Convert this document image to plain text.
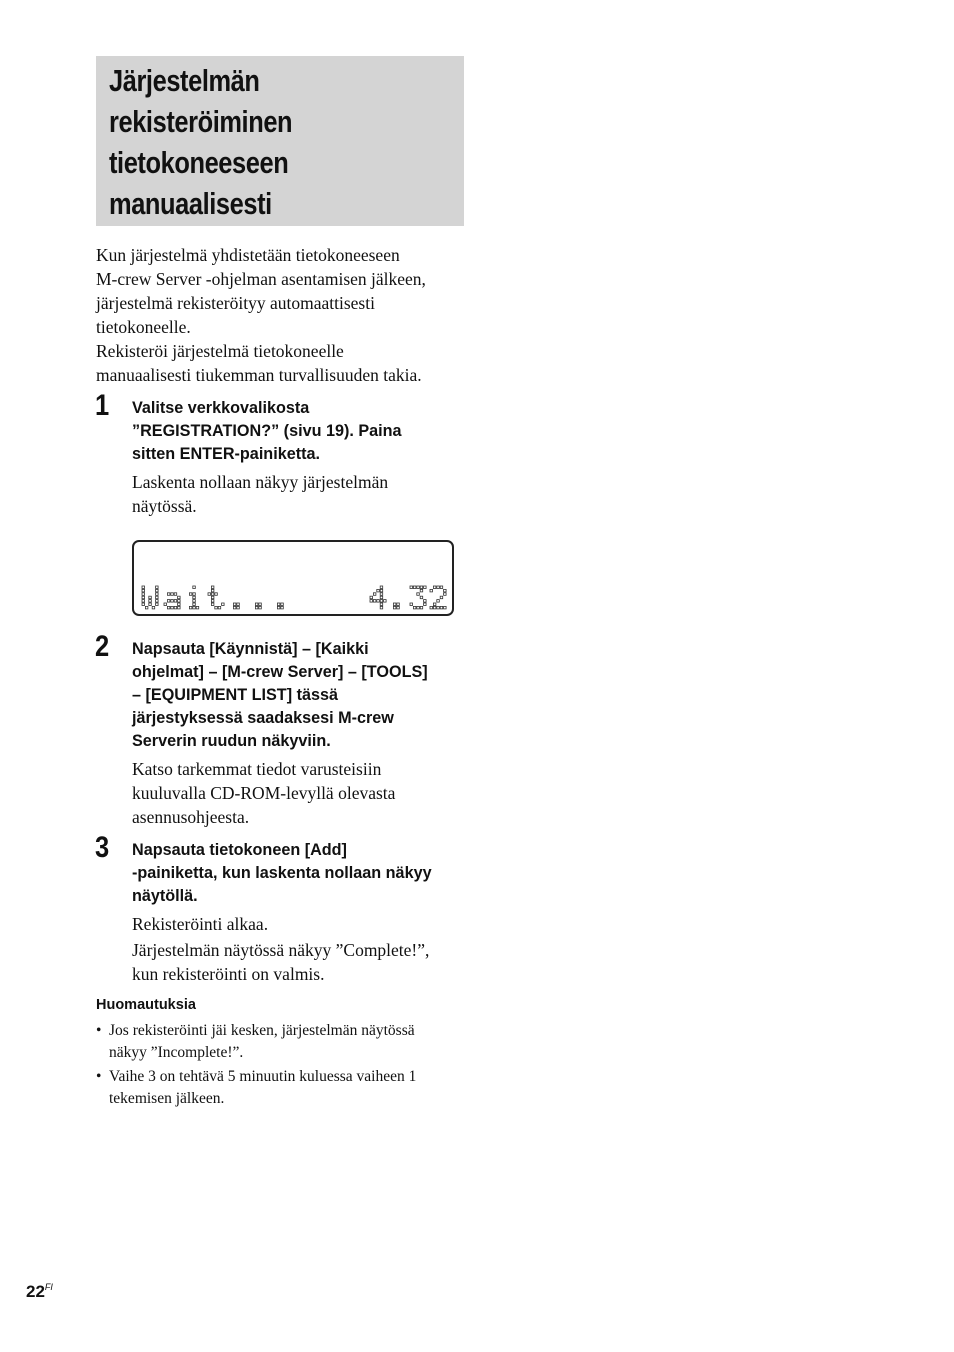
Järjestelmän
rekisteröiminen
tietokoneeseen
manuaalisesti
Kun järjestelmä yhdistetään tietokoneeseen
M-crew Server -ohjelman asentamisen jälkeen,
järjestelmä rekisteröityy automaattisesti
tietokoneelle.
Rekisteröi järjestelmä tietokoneelle
manuaalisesti tiukemman turvallisuuden takia.
1 Valitse verkkovalikosta
”REGISTRATION?” (sivu 19). Paina
sitten ENTER-painiketta.
Laskenta nollaan näkyy järjestelmän
näytössä.
2 Napsauta [Käynnistä] – [Kaikki
ohjelmat] – [M-crew Server] – [TOOLS]
– [EQUIPMENT LIST] tässä
järjestyksessä saadaksesi M-crew
Serverin ruudun näkyviin.
Katso tarkemmat tiedot varusteisiin
kuuluvalla CD-ROM-levyllä olevasta
asennusohjeesta.
3 Napsauta tietokoneen [Add]
-painiketta, kun laskenta nollaan näkyy
näytöllä.
Rekisteröinti alkaa.
Järjestelmän näytössä näkyy ”Complete!”,
kun rekisteröinti on valmis.
Huomautuksia
• Jos rekisteröinti jäi kesken, järjestelmän näytössä
näkyy ”Incomplete!”.
• Vaihe 3 on tehtävä 5 minuutin kuluessa vaiheen 1
tekemisen jälkeen.
$22^{FI}$
